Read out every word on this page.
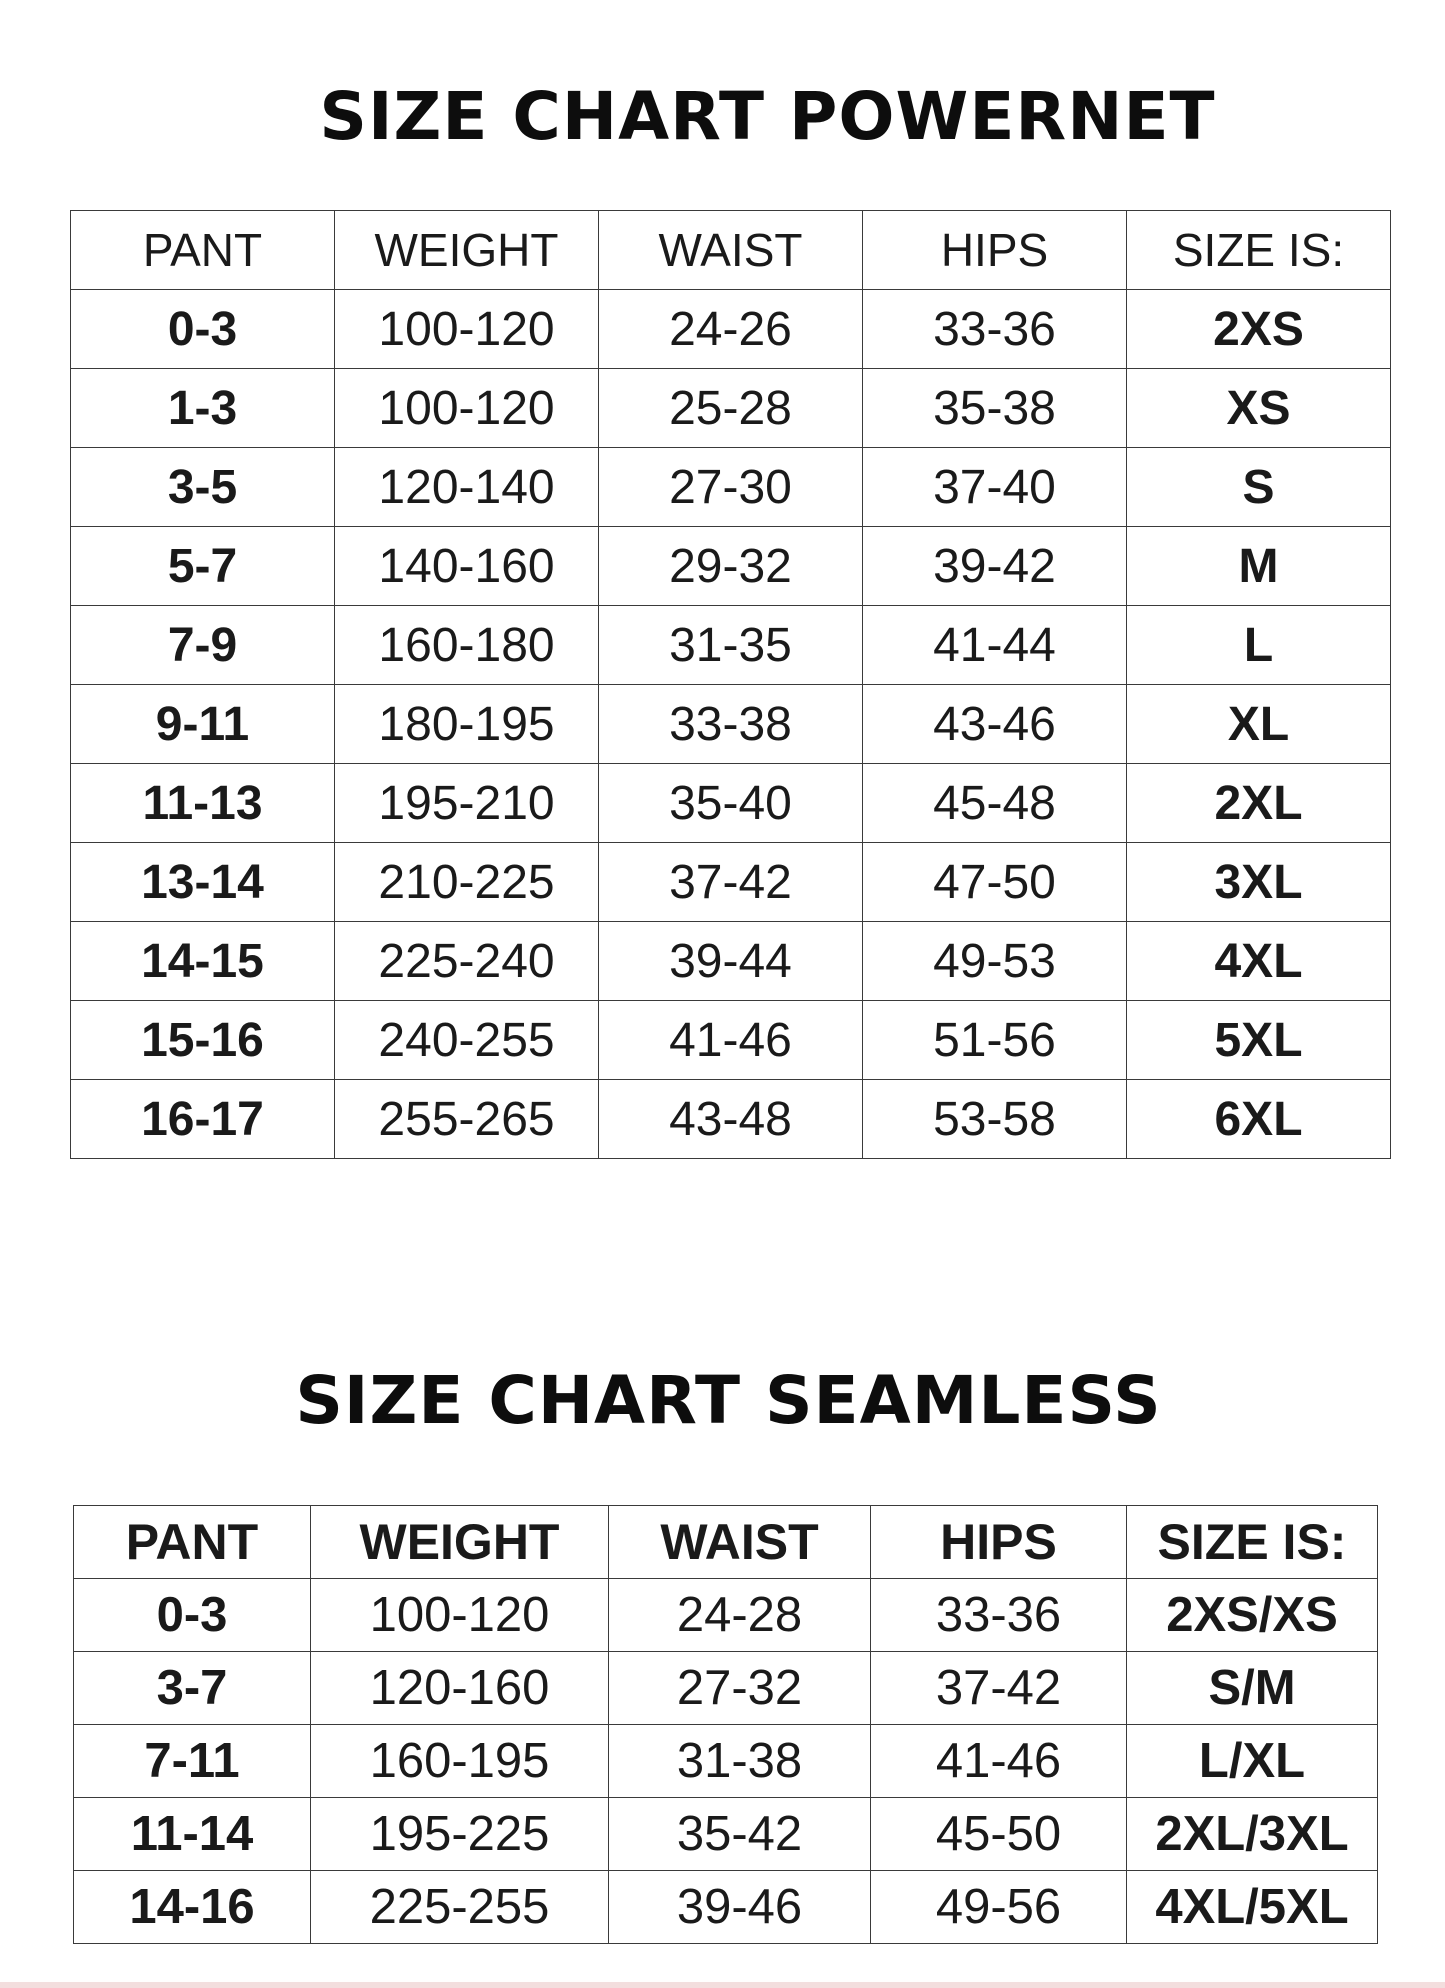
SIZE CHART POWERNET
PANT	WEIGHT	WAIST	HIPS	SIZE IS:
0-3	100-120	24-26	33-36	2XS
1-3	100-120	25-28	35-38	XS
3-5	120-140	27-30	37-40	S
5-7	140-160	29-32	39-42	M
7-9	160-180	31-35	41-44	L
9-11	180-195	33-38	43-46	XL
11-13	195-210	35-40	45-48	2XL
13-14	210-225	37-42	47-50	3XL
14-15	225-240	39-44	49-53	4XL
15-16	240-255	41-46	51-56	5XL
16-17	255-265	43-48	53-58	6XL
SIZE CHART SEAMLESS
PANT	WEIGHT	WAIST	HIPS	SIZE IS:
0-3	100-120	24-28	33-36	2XS/XS
3-7	120-160	27-32	37-42	S/M
7-11	160-195	31-38	41-46	L/XL
11-14	195-225	35-42	45-50	2XL/3XL
14-16	225-255	39-46	49-56	4XL/5XL
